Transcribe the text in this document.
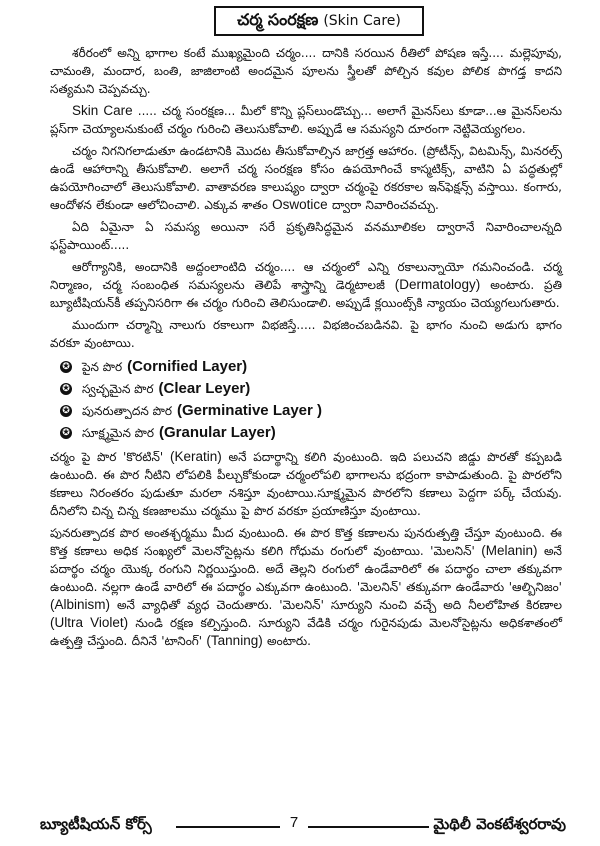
చర్మ సంరక్షణ (Skin Care)

శరీరంలో అన్ని భాగాల కంటే ముఖ్యమైంది చర్మం.... దానికి సరయిన రీతిలో పోషణ ఇస్తే.... మల్లెపూవు, చామంతి, మందార, బంతి, జాజిలాంటి అందమైన పూలను స్త్రీలతో పోల్చిన కవుల పోలిక పొగడ్త కాదని సత్యమని చెప్పవచ్చు.

Skin Care ..... చర్మ సంరక్షణ... మీలో కొన్ని ప్లస్‌లుండొచ్చు... అలాగే మైనస్‌లు కూడా...ఆ మైనస్‌లను ప్లస్‌గా చెయ్యాలనుకుంటే చర్మం గురించి తెలుసుకోవాలి. అప్పుడే ఆ సమస్యని దూరంగా నెట్టివెయ్యగలం.

చర్మం నిగనిగలాడుతూ ఉండటానికి మొదట తీసుకోవాల్సిన జాగ్రత్త ఆహారం. (ప్రోటీన్స్, విటమిన్స్, మినరల్స్ ఉండే ఆహారాన్ని తీసుకోవాలి. అలాగే చర్మ సంరక్షణ కోసం ఉపయోగించే కాస్మటిక్స్, వాటిని ఏ పద్ధతుల్లో ఉపయోగించాలో తెలుసుకోవాలి. వాతావరణ కాలుష్యం ద్వారా చర్మంపై రకరకాల ఇన్‌ఫెక్షన్స్ వస్తాయి. కంగారు, ఆందోళన లేకుండా ఆలోచించాలి. ఎక్కువ శాతం Oswotice ద్వారా నివారించవచ్చు.

ఏది ఏమైనా ఏ సమస్య అయినా సరే ప్రకృతిసిద్ధమైన వనమూలికల ద్వారానే నివారించాలన్నది ఫస్ట్‌పాయింట్.....

ఆరోగ్యానికి, అందానికి అద్దంలాంటిది చర్మం.... ఆ చర్మంలో ఎన్ని రకాలున్నాయో గమనించండి. చర్మ నిర్మాణం, చర్మ సంబంధిత సమస్యలను తెలిపే శాస్త్రాన్ని డెర్మటాలజీ (Dermatology) అంటారు. ప్రతి బ్యూటీషియన్‌కీ తప్పనిసరిగా ఈ చర్మం గురించి తెలిసుండాలి. అప్పుడే క్లయింట్స్‌కి న్యాయం చెయ్యగలుగుతారు.

ముందుగా చర్మాన్ని నాలుగు రకాలుగా విభజిస్తే..... విభజించబడినవి. పై భాగం నుంచి అడుగు భాగం వరకూ వుంటాయి.

✪ పైన పొర (Cornified Layer)
✪ స్వచ్ఛమైన పొర (Clear Leyer)
✪ పునరుత్పాదన పొర (Germinative Layer )
✪ సూక్ష్మమైన పొర (Granular Layer)

చర్మం పై పొర 'కొరటిన్' (Keratin) అనే పదార్థాన్ని కలిగి వుంటుంది. ఇది పలుచని జిడ్డు పొరతో కప్పబడి ఉంటుంది. ఈ పొర నీటిని లోపలికి పీల్చుకోకుండా చర్మంలోపలి భాగాలను భద్రంగా కాపాడుతుంది. పై పొరలోని కణాలు నిరంతరం పుడుతూ మరలా నశిస్తూ వుంటాయి.సూక్ష్మమైన పొరలోని కణాలు పెద్దగా పర్క్ చేయవు. దీనిలోని చిన్న చిన్న కణజాలము చర్మము పై పొర వరకూ ప్రయాణిస్తూ వుంటాయి.

పునరుత్పాదక పొర అంతశ్చర్మము మీద వుంటుంది. ఈ పొర కొత్త కణాలను పునరుత్పత్తి చేస్తూ వుంటుంది. ఈ కొత్త కణాలు అధిక సంఖ్యలో మెలనోసైట్లను కలిగి గోధుమ రంగులో వుంటాయి. 'మెలనిన్' (Melanin) అనే పదార్థం చర్మం యొక్క రంగుని నిర్ణయిస్తుంది. అదే తెల్లని రంగులో ఉండేవారిలో ఈ పదార్థం చాలా తక్కువగా ఉంటుంది. నల్లగా ఉండే వారిలో ఈ పదార్థం ఎక్కువగా ఉంటుంది. 'మెలనిన్' తక్కువగా ఉండేవారు 'ఆల్బినిజం' (Albinism) అనే వ్యాధితో వ్యధ చెందుతారు. 'మెలనిన్' సూర్యుని నుంచి వచ్చే అది నీలలోహిత కిరణాల (Ultra Violet) నుండి రక్షణ కల్పిస్తుంది. సూర్యుని వేడికి చర్మం గురైనపుడు మెలనోసైట్లను అధికశాతంలో ఉత్పత్తి చేస్తుంది. దీనినే 'టానింగ్' (Tanning) అంటారు.

బ్యూటీషియన్ కోర్స్	7	మైథిలీ వెంకటేశ్వరరావు
